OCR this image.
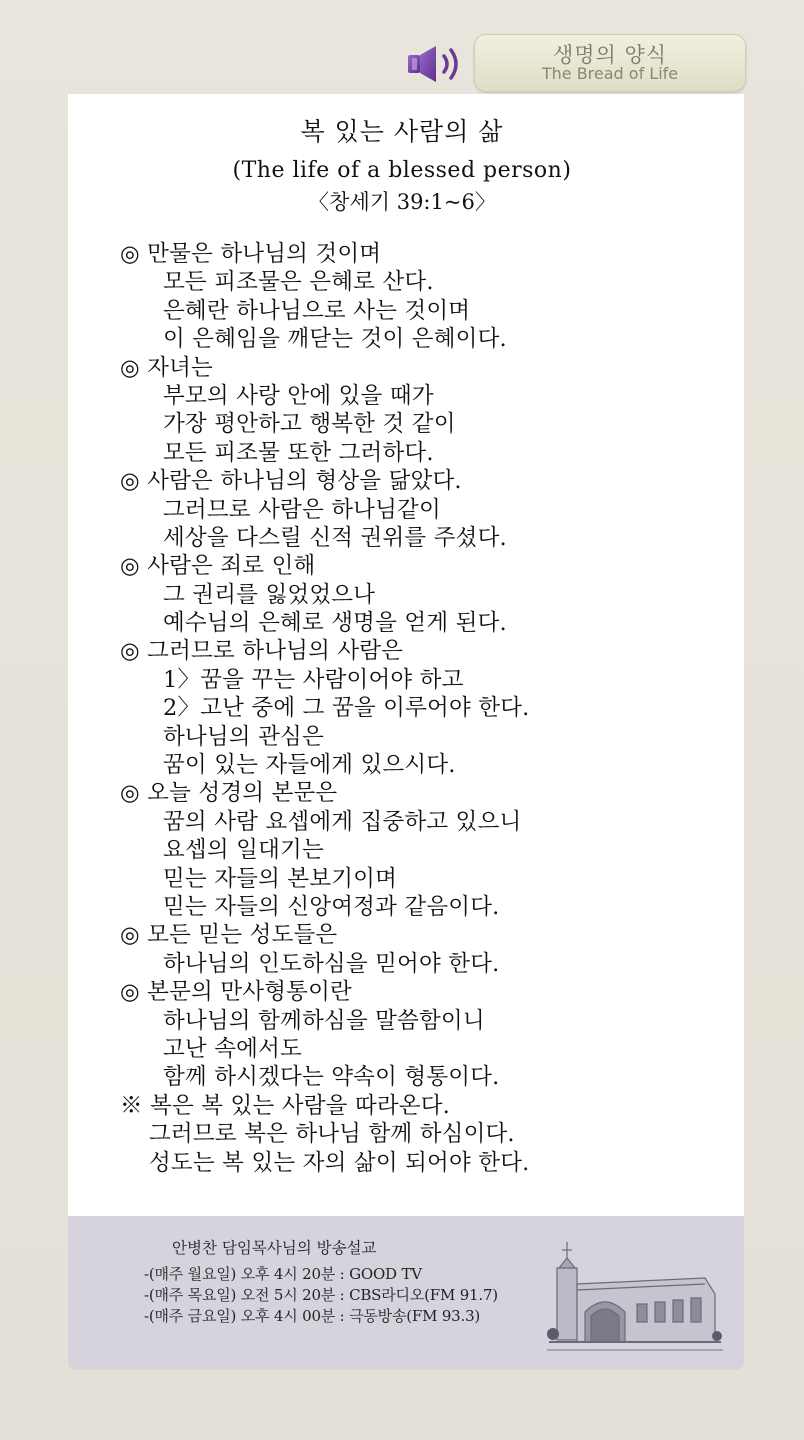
생명의 양식
The Bread of Life
복 있는 사람의 삶
(The life of a blessed person)
〈창세기 39:1~6〉
◎ 만물은 하나님의 것이며
모든 피조물은 은혜로 산다.
은혜란 하나님으로 사는 것이며
이 은혜임을 깨닫는 것이 은혜이다.
◎ 자녀는
부모의 사랑 안에 있을 때가
가장 평안하고 행복한 것 같이
모든 피조물 또한 그러하다.
◎ 사람은 하나님의 형상을 닮았다.
그러므로 사람은 하나님같이
세상을 다스릴 신적 권위를 주셨다.
◎ 사람은 죄로 인해
그 권리를 잃었었으나
예수님의 은혜로 생명을 얻게 된다.
◎ 그러므로 하나님의 사람은
1〉꿈을 꾸는 사람이어야 하고
2〉고난 중에 그 꿈을 이루어야 한다.
하나님의 관심은
꿈이 있는 자들에게 있으시다.
◎ 오늘 성경의 본문은
꿈의 사람 요셉에게 집중하고 있으니
요셉의 일대기는
믿는 자들의 본보기이며
믿는 자들의 신앙여정과 같음이다.
◎ 모든 믿는 성도들은
하나님의 인도하심을 믿어야 한다.
◎ 본문의 만사형통이란
하나님의 함께하심을 말씀함이니
고난 속에서도
함께 하시겠다는 약속이 형통이다.
※ 복은 복 있는 사람을 따라온다.
그러므로 복은 하나님 함께 하심이다.
성도는 복 있는 자의 삶이 되어야 한다.
안병찬 담임목사님의 방송설교
-(매주 월요일) 오후 4시 20분 : GOOD TV
-(매주 목요일) 오전 5시 20분 : CBS라디오(FM 91.7)
-(매주 금요일) 오후 4시 00분 : 극동방송(FM 93.3)
